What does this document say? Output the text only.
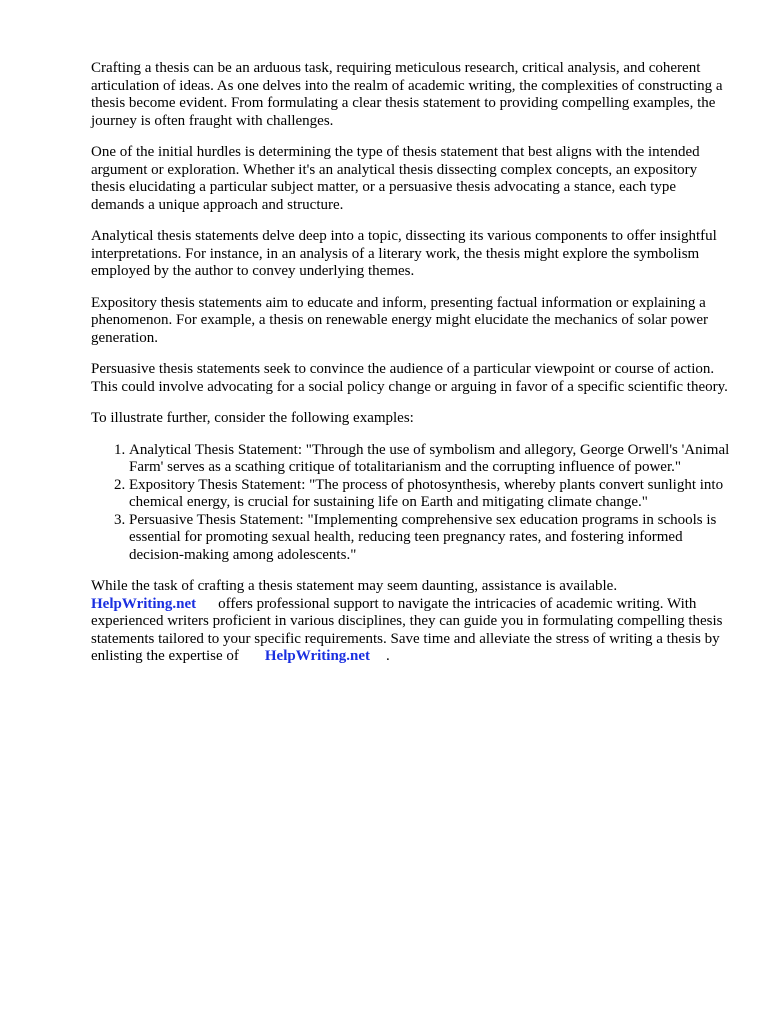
Crafting a thesis can be an arduous task, requiring meticulous research, critical analysis, and coherent articulation of ideas. As one delves into the realm of academic writing, the complexities of constructing a thesis become evident. From formulating a clear thesis statement to providing compelling examples, the journey is often fraught with challenges.

One of the initial hurdles is determining the type of thesis statement that best aligns with the intended argument or exploration. Whether it's an analytical thesis dissecting complex concepts, an expository thesis elucidating a particular subject matter, or a persuasive thesis advocating a stance, each type demands a unique approach and structure.

Analytical thesis statements delve deep into a topic, dissecting its various components to offer insightful interpretations. For instance, in an analysis of a literary work, the thesis might explore the symbolism employed by the author to convey underlying themes.

Expository thesis statements aim to educate and inform, presenting factual information or explaining a phenomenon. For example, a thesis on renewable energy might elucidate the mechanics of solar power generation.

Persuasive thesis statements seek to convince the audience of a particular viewpoint or course of action. This could involve advocating for a social policy change or arguing in favor of a specific scientific theory.

To illustrate further, consider the following examples:

1. Analytical Thesis Statement: "Through the use of symbolism and allegory, George Orwell's 'Animal Farm' serves as a scathing critique of totalitarianism and the corrupting influence of power."
2. Expository Thesis Statement: "The process of photosynthesis, whereby plants convert sunlight into chemical energy, is crucial for sustaining life on Earth and mitigating climate change."
3. Persuasive Thesis Statement: "Implementing comprehensive sex education programs in schools is essential for promoting sexual health, reducing teen pregnancy rates, and fostering informed decision-making among adolescents."

While the task of crafting a thesis statement may seem daunting, assistance is available.
HelpWriting.net offers professional support to navigate the intricacies of academic writing. With experienced writers proficient in various disciplines, they can guide you in formulating compelling thesis statements tailored to your specific requirements. Save time and alleviate the stress of writing a thesis by enlisting the expertise of HelpWriting.net .
